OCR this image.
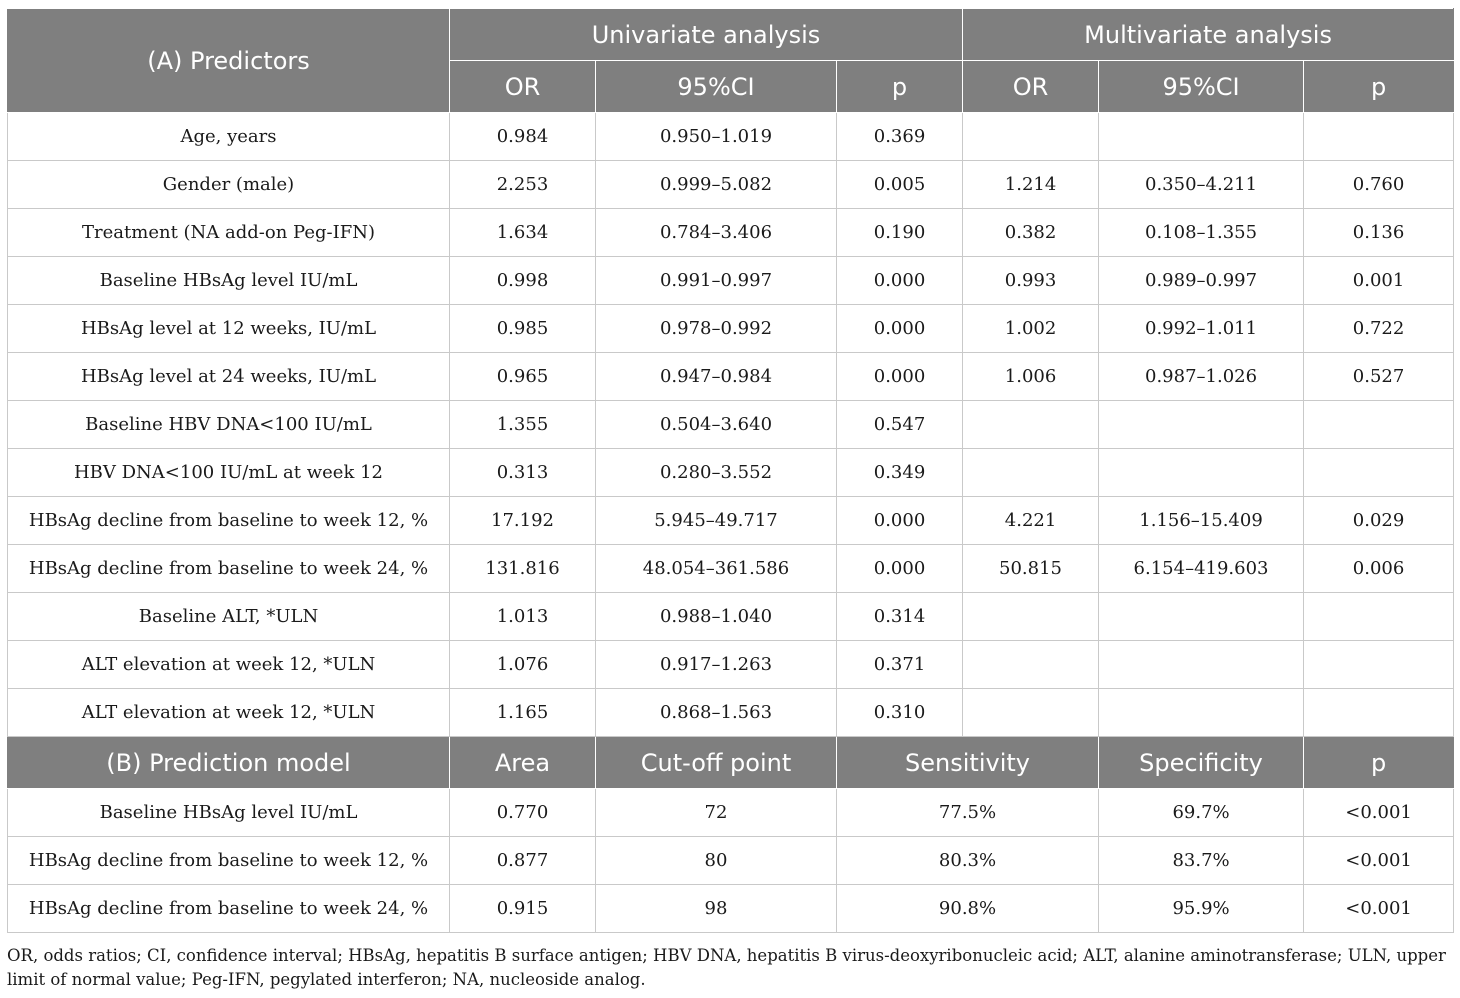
(A) Predictors	Univariate analysis			Multivariate analysis		
	OR	95%CI	p	OR	95%CI	p
Age, years	0.984	0.950–1.019	0.369			
Gender (male)	2.253	0.999–5.082	0.005	1.214	0.350–4.211	0.760
Treatment (NA add-on Peg-IFN)	1.634	0.784–3.406	0.190	0.382	0.108–1.355	0.136
Baseline HBsAg level IU/mL	0.998	0.991–0.997	0.000	0.993	0.989–0.997	0.001
HBsAg level at 12 weeks, IU/mL	0.985	0.978–0.992	0.000	1.002	0.992–1.011	0.722
HBsAg level at 24 weeks, IU/mL	0.965	0.947–0.984	0.000	1.006	0.987–1.026	0.527
Baseline HBV DNA<100 IU/mL	1.355	0.504–3.640	0.547			
HBV DNA<100 IU/mL at week 12	0.313	0.280–3.552	0.349			
HBsAg decline from baseline to week 12, %	17.192	5.945–49.717	0.000	4.221	1.156–15.409	0.029
HBsAg decline from baseline to week 24, %	131.816	48.054–361.586	0.000	50.815	6.154–419.603	0.006
Baseline ALT, *ULN	1.013	0.988–1.040	0.314			
ALT elevation at week 12, *ULN	1.076	0.917–1.263	0.371			
ALT elevation at week 12, *ULN	1.165	0.868–1.563	0.310			
(B) Prediction model	Area	Cut-off point	Sensitivity		Specificity	p
Baseline HBsAg level IU/mL	0.770	72	77.5%		69.7%	<0.001
HBsAg decline from baseline to week 12, %	0.877	80	80.3%		83.7%	<0.001
HBsAg decline from baseline to week 24, %	0.915	98	90.8%		95.9%	<0.001
OR, odds ratios; CI, confidence interval; HBsAg, hepatitis B surface antigen; HBV DNA, hepatitis B virus-deoxyribonucleic acid; ALT, alanine aminotransferase; ULN, upper limit of normal value; Peg-IFN, pegylated interferon; NA, nucleoside analog.
